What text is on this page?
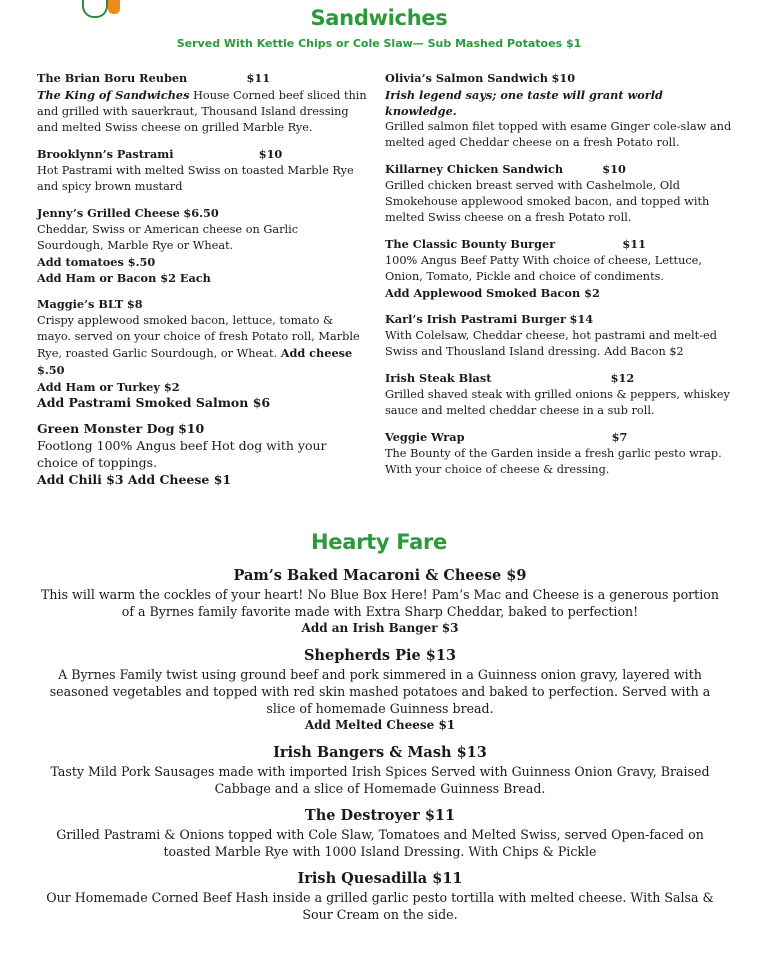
Sandwiches
Served With Kettle Chips or Cole Slaw— Sub Mashed Potatoes $1
The Brian Boru Reuben	$11
The King of Sandwiches House Corned beef sliced thin and grilled with sauerkraut, Thousand Island dressing and melted Swiss cheese on grilled Marble Rye.
Brooklynn’s Pastrami	$10
Hot Pastrami with melted Swiss on toasted Marble Rye and spicy brown mustard
Jenny’s Grilled Cheese $6.50
Cheddar, Swiss or American cheese on Garlic Sourdough, Marble Rye or Wheat.
Add tomatoes $.50
Add Ham or Bacon $2 Each
Maggie’s BLT $8
Crispy applewood smoked bacon, lettuce, tomato & mayo. served on your choice of fresh Potato roll, Marble Rye, roasted Garlic Sourdough, or Wheat. Add cheese $.50
Add Ham or Turkey $2
Add Pastrami Smoked Salmon $6
Green Monster Dog $10
Footlong 100% Angus beef Hot dog with your choice of toppings.
Add Chili $3 Add Cheese $1
Olivia’s Salmon Sandwich $10

Irish legend says; one taste will grant world knowledge.
Grilled salmon filet topped with esame Ginger cole-slaw and melted aged Cheddar cheese on a fresh Potato roll.
Killarney Chicken Sandwich	$10
Grilled chicken breast served with Cashelmole, Old Smokehouse applewood smoked bacon, and topped with melted Swiss cheese on a fresh Potato roll.
The Classic Bounty Burger	$11
100% Angus Beef Patty With choice of cheese, Lettuce, Onion, Tomato, Pickle and choice of condiments.
Add Applewood Smoked Bacon $2
Karl’s Irish Pastrami Burger $14
With Colelsaw, Cheddar cheese, hot pastrami and melt-ed Swiss and Thousland Island dressing. Add Bacon $2
Irish Steak Blast	$12
Grilled shaved steak with grilled onions & peppers, whiskey sauce and melted cheddar cheese in a sub roll.
Veggie Wrap	$7
The Bounty of the Garden inside a fresh garlic pesto wrap. With your choice of cheese & dressing.
Hearty Fare
Pam’s Baked Macaroni & Cheese $9
This will warm the cockles of your heart! No Blue Box Here! Pam’s Mac and Cheese is a generous portion of a Byrnes family favorite made with Extra Sharp Cheddar, baked to perfection!
Add an Irish Banger $3
Shepherds Pie $13
A Byrnes Family twist using ground beef and pork simmered in a Guinness onion gravy, layered with seasoned vegetables and topped with red skin mashed potatoes and baked to perfection. Served with a slice of homemade Guinness bread.
Add Melted Cheese $1
Irish Bangers & Mash $13
Tasty Mild Pork Sausages made with imported Irish Spices Served with Guinness Onion Gravy, Braised Cabbage and a slice of Homemade Guinness Bread.
The Destroyer $11
Grilled Pastrami & Onions topped with Cole Slaw, Tomatoes and Melted Swiss, served Open-faced on toasted Marble Rye with 1000 Island Dressing. With Chips & Pickle
Irish Quesadilla $11
Our Homemade Corned Beef Hash inside a grilled garlic pesto tortilla with melted cheese. With Salsa & Sour Cream on the side.
